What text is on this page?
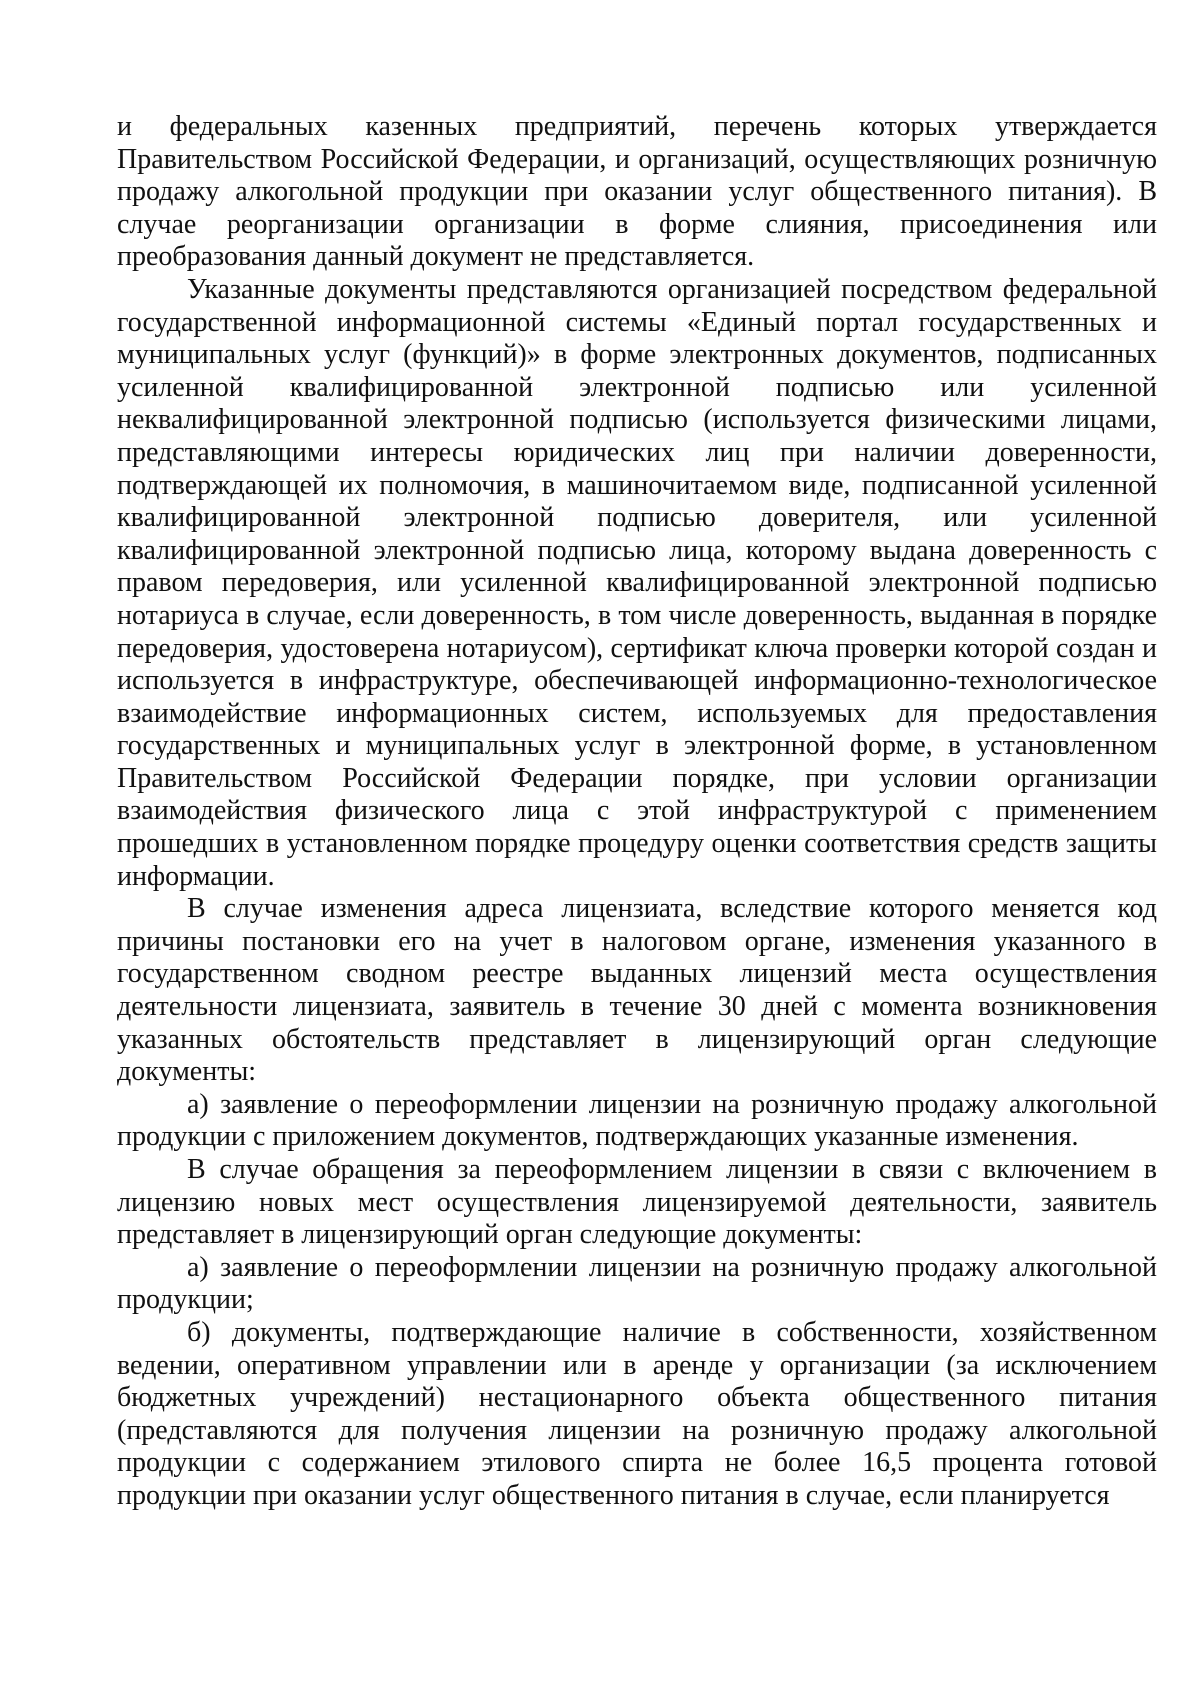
и федеральных казенных предприятий, перечень которых утверждается Правительством Российской Федерации, и организаций, осуществляющих розничную продажу алкогольной продукции при оказании услуг общественного питания). В случае реорганизации организации в форме слияния, присоединения или преобразования данный документ не представляется.

Указанные документы представляются организацией посредством федеральной государственной информационной системы «Единый портал государственных и муниципальных услуг (функций)» в форме электронных документов, подписанных усиленной квалифицированной электронной подписью или усиленной неквалифицированной электронной подписью (используется физическими лицами, представляющими интересы юридических лиц при наличии доверенности, подтверждающей их полномочия, в машиночитаемом виде, подписанной усиленной квалифицированной электронной подписью доверителя, или усиленной квалифицированной электронной подписью лица, которому выдана доверенность с правом передоверия, или усиленной квалифицированной электронной подписью нотариуса в случае, если доверенность, в том числе доверенность, выданная в порядке передоверия, удостоверена нотариусом), сертификат ключа проверки которой создан и используется в инфраструктуре, обеспечивающей информационно-технологическое взаимодействие информационных систем, используемых для предоставления государственных и муниципальных услуг в электронной форме, в установленном Правительством Российской Федерации порядке, при условии организации взаимодействия физического лица с этой инфраструктурой с применением прошедших в установленном порядке процедуру оценки соответствия средств защиты информации.

В случае изменения адреса лицензиата, вследствие которого меняется код причины постановки его на учет в налоговом органе, изменения указанного в государственном сводном реестре выданных лицензий места осуществления деятельности лицензиата, заявитель в течение 30 дней с момента возникновения указанных обстоятельств представляет в лицензирующий орган следующие документы:

а) заявление о переоформлении лицензии на розничную продажу алкогольной продукции с приложением документов, подтверждающих указанные изменения.

В случае обращения за переоформлением лицензии в связи с включением в лицензию новых мест осуществления лицензируемой деятельности, заявитель представляет в лицензирующий орган следующие документы:

а) заявление о переоформлении лицензии на розничную продажу алкогольной продукции;

б) документы, подтверждающие наличие в собственности, хозяйственном ведении, оперативном управлении или в аренде у организации (за исключением бюджетных учреждений) нестационарного объекта общественного питания (представляются для получения лицензии на розничную продажу алкогольной продукции с содержанием этилового спирта не более 16,5 процента готовой продукции при оказании услуг общественного питания в случае, если планируется
